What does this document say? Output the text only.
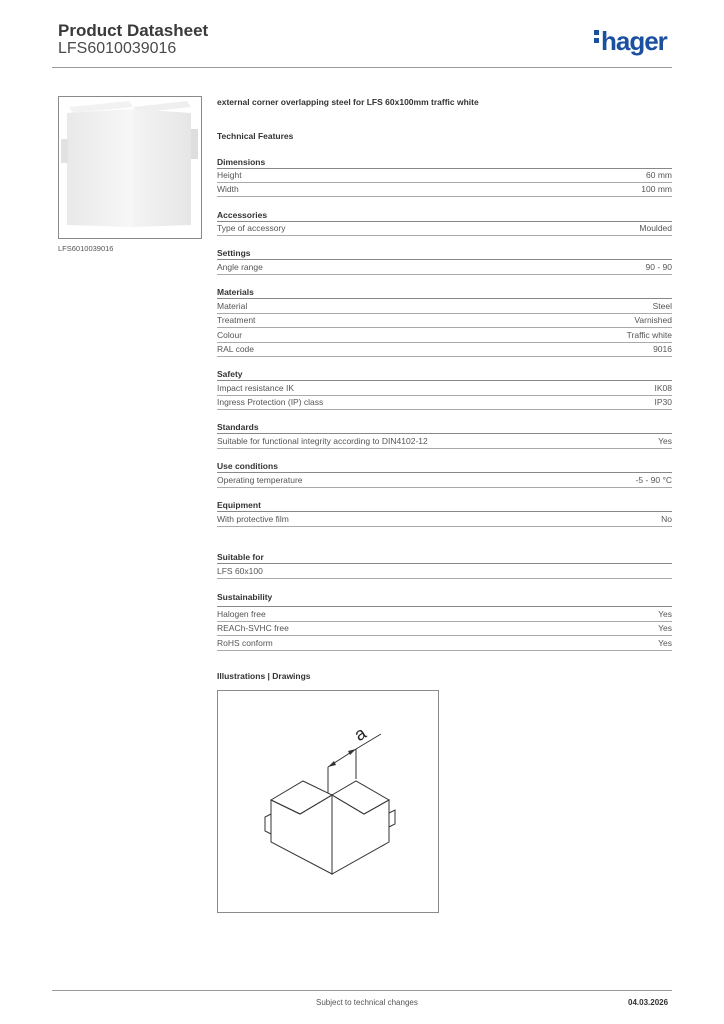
Product Datasheet
LFS6010039016	hager
LFS6010039016
external corner overlapping steel for LFS 60x100mm traffic white
Technical Features
Dimensions
Height	60 mm
Width	100 mm
Accessories
Type of accessory	Moulded
Settings
Angle range	90 - 90
Materials
Material	Steel
Treatment	Varnished
Colour	Traffic white
RAL code	9016
Safety
Impact resistance IK	IK08
Ingress Protection (IP) class	IP30
Standards
Suitable for functional integrity according to DIN4102-12	Yes
Use conditions
Operating temperature	-5 - 90 °C
Equipment
With protective film	No
Suitable for
LFS 60x100
Sustainability
Halogen free	Yes
REACh-SVHC free	Yes
RoHS conform	Yes
Illustrations | Drawings
a
Subject to technical changes	04.03.2026
